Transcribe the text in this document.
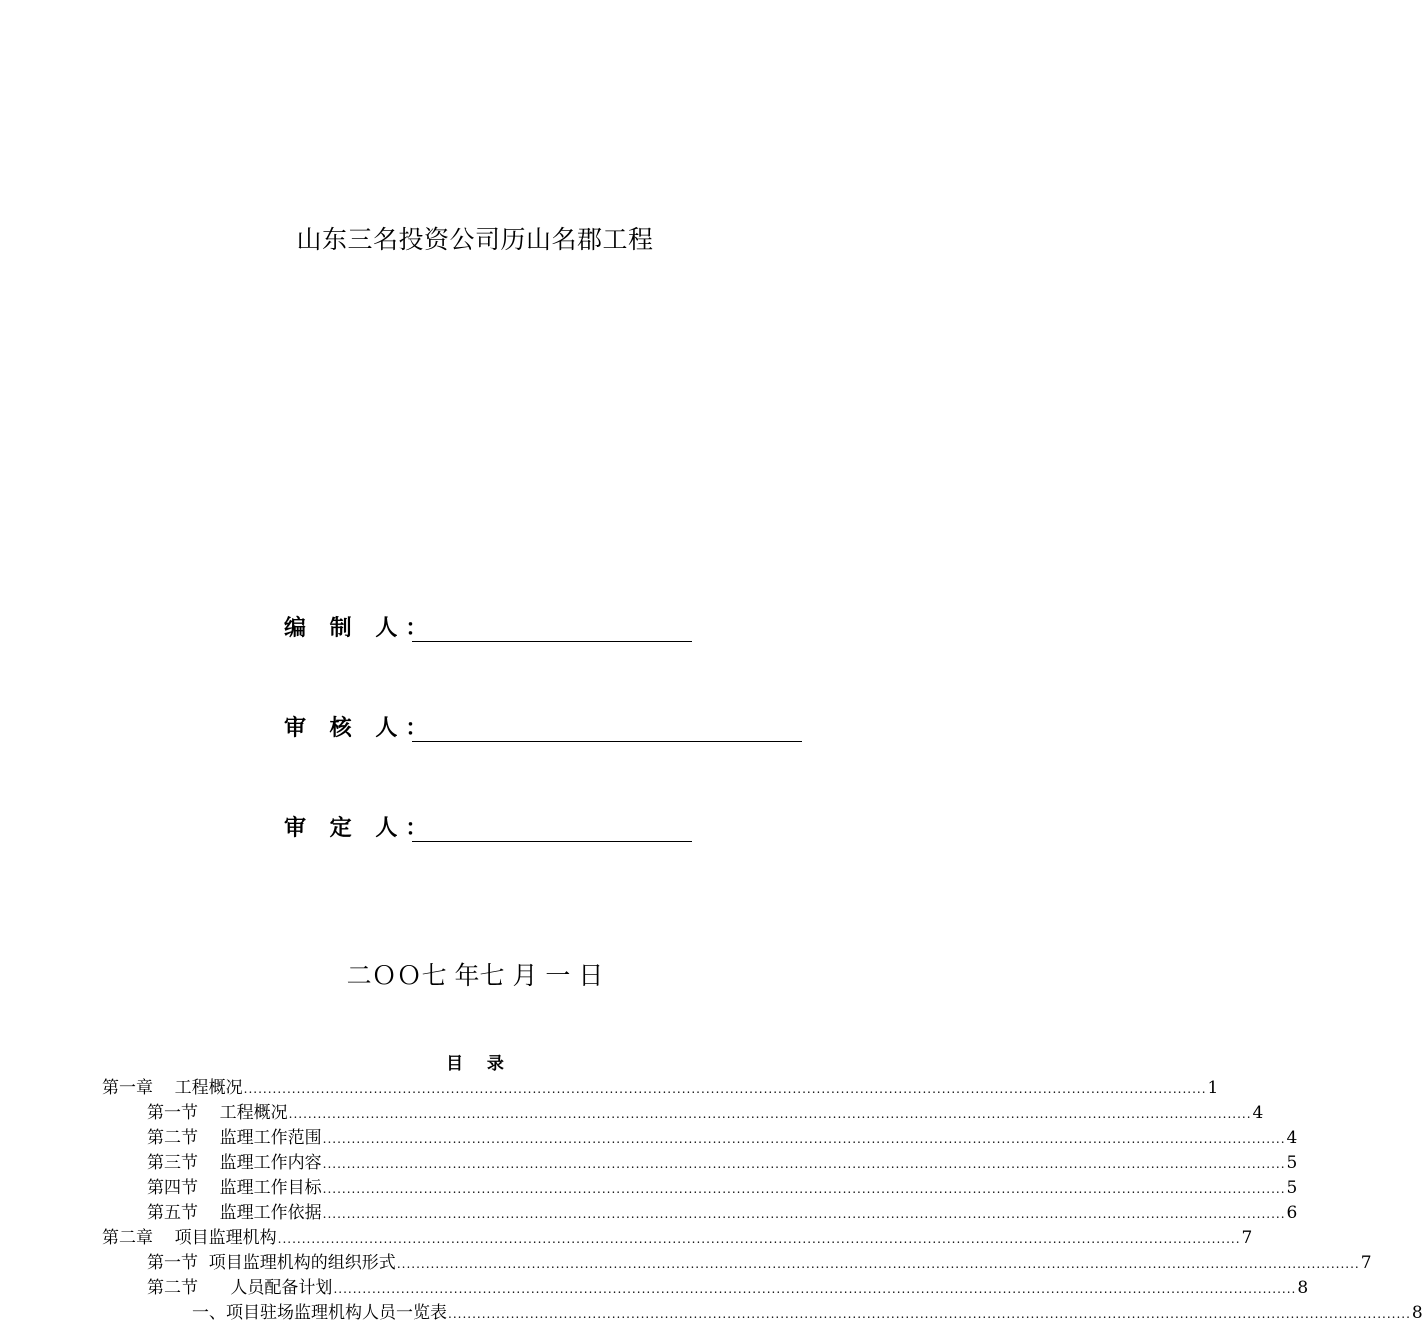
山东三名投资公司历山名郡工程
编 制 人：
审 核 人：
审 定 人：
二ＯＯ七 年七 月 一 日
目    录
第一章    工程概况 ........................................................................................................................................................................................................ 1
第一节    工程概况 ........................................................................................................................................................................................................ 4
第二节    监理工作范围 ........................................................................................................................................................................................................ 4
第三节    监理工作内容 ........................................................................................................................................................................................................ 5
第四节    监理工作目标 ........................................................................................................................................................................................................ 5
第五节    监理工作依据 ........................................................................................................................................................................................................ 6
第二章    项目监理机构 ........................................................................................................................................................................................................ 7
第一节  项目监理机构的组织形式 ........................................................................................................................................................................................................ 7
第二节      人员配备计划 ........................................................................................................................................................................................................ 8
一、项目驻场监理机构人员一览表 ........................................................................................................................................................................................................ 8
